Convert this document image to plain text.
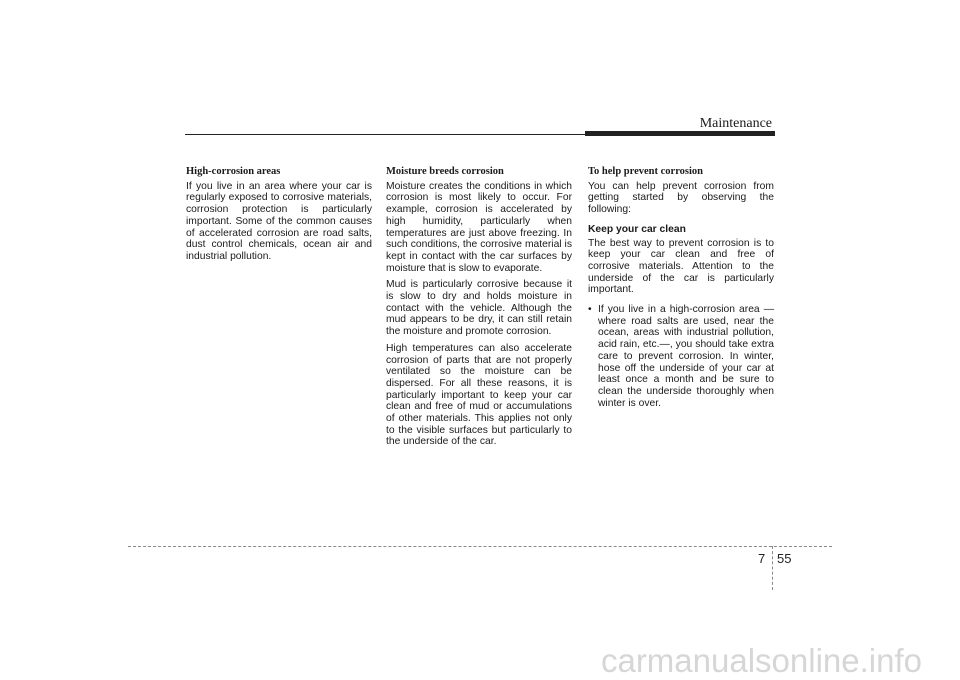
Maintenance

High-corrosion areas

If you live in an area where your car is regularly exposed to corrosive materials, corrosion protection is particularly important. Some of the common causes of accelerated corrosion are road salts, dust control chemicals, ocean air and industrial pollution.

Moisture breeds corrosion

Moisture creates the conditions in which corrosion is most likely to occur. For example, corrosion is accelerated by high humidity, particularly when temperatures are just above freezing. In such conditions, the corrosive material is kept in contact with the car surfaces by moisture that is slow to evaporate.

Mud is particularly corrosive because it is slow to dry and holds moisture in contact with the vehicle. Although the mud appears to be dry, it can still retain the moisture and promote corrosion.

High temperatures can also accelerate corrosion of parts that are not properly ventilated so the moisture can be dispersed. For all these reasons, it is particularly important to keep your car clean and free of mud or accumulations of other materials. This applies not only to the visible surfaces but particularly to the underside of the car.

To help prevent corrosion

You can help prevent corrosion from getting started by observing the following:

Keep your car clean

The best way to prevent corrosion is to keep your car clean and free of corrosive materials. Attention to the underside of the car is particularly important.

• If you live in a high-corrosion area — where road salts are used, near the ocean, areas with industrial pollution, acid rain, etc.—, you should take extra care to prevent corrosion. In winter, hose off the underside of your car at least once a month and be sure to clean the underside thoroughly when winter is over.
7 55
carmanualsonline.info
